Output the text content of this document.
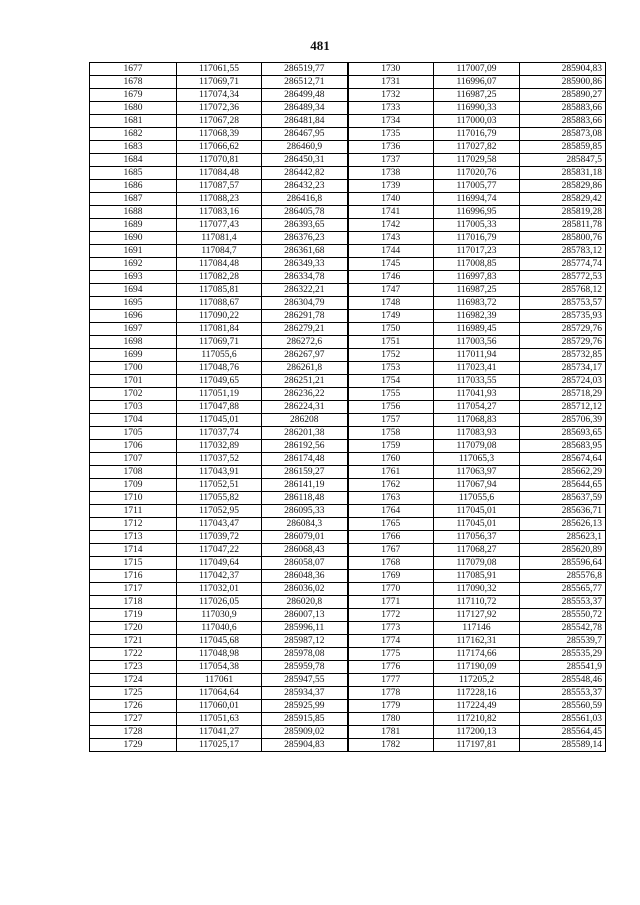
481
1677	117061,55	286519,77	1730	117007,09	285904,83
1678	117069,71	286512,71	1731	116996,07	285900,86
1679	117074,34	286499,48	1732	116987,25	285890,27
1680	117072,36	286489,34	1733	116990,33	285883,66
1681	117067,28	286481,84	1734	117000,03	285883,66
1682	117068,39	286467,95	1735	117016,79	285873,08
1683	117066,62	286460,9	1736	117027,82	285859,85
1684	117070,81	286450,31	1737	117029,58	285847,5
1685	117084,48	286442,82	1738	117020,76	285831,18
1686	117087,57	286432,23	1739	117005,77	285829,86
1687	117088,23	286416,8	1740	116994,74	285829,42
1688	117083,16	286405,78	1741	116996,95	285819,28
1689	117077,43	286393,65	1742	117005,33	285811,78
1690	117081,4	286376,23	1743	117016,79	285800,76
1691	117084,7	286361,68	1744	117017,23	285783,12
1692	117084,48	286349,33	1745	117008,85	285774,74
1693	117082,28	286334,78	1746	116997,83	285772,53
1694	117085,81	286322,21	1747	116987,25	285768,12
1695	117088,67	286304,79	1748	116983,72	285753,57
1696	117090,22	286291,78	1749	116982,39	285735,93
1697	117081,84	286279,21	1750	116989,45	285729,76
1698	117069,71	286272,6	1751	117003,56	285729,76
1699	117055,6	286267,97	1752	117011,94	285732,85
1700	117048,76	286261,8	1753	117023,41	285734,17
1701	117049,65	286251,21	1754	117033,55	285724,03
1702	117051,19	286236,22	1755	117041,93	285718,29
1703	117047,88	286224,31	1756	117054,27	285712,12
1704	117045,01	286208	1757	117068,83	285706,39
1705	117037,74	286201,38	1758	117083,93	285693,65
1706	117032,89	286192,56	1759	117079,08	285683,95
1707	117037,52	286174,48	1760	117065,3	285674,64
1708	117043,91	286159,27	1761	117063,97	285662,29
1709	117052,51	286141,19	1762	117067,94	285644,65
1710	117055,82	286118,48	1763	117055,6	285637,59
1711	117052,95	286095,33	1764	117045,01	285636,71
1712	117043,47	286084,3	1765	117045,01	285626,13
1713	117039,72	286079,01	1766	117056,37	285623,1
1714	117047,22	286068,43	1767	117068,27	285620,89
1715	117049,64	286058,07	1768	117079,08	285596,64
1716	117042,37	286048,36	1769	117085,91	285576,8
1717	117032,01	286036,02	1770	117090,32	285565,77
1718	117026,05	286020,8	1771	117110,72	285553,37
1719	117030,9	286007,13	1772	117127,92	285550,72
1720	117040,6	285996,11	1773	117146	285542,78
1721	117045,68	285987,12	1774	117162,31	285539,7
1722	117048,98	285978,08	1775	117174,66	285535,29
1723	117054,38	285959,78	1776	117190,09	285541,9
1724	117061	285947,55	1777	117205,2	285548,46
1725	117064,64	285934,37	1778	117228,16	285553,37
1726	117060,01	285925,99	1779	117224,49	285560,59
1727	117051,63	285915,85	1780	117210,82	285561,03
1728	117041,27	285909,02	1781	117200,13	285564,45
1729	117025,17	285904,83	1782	117197,81	285589,14
